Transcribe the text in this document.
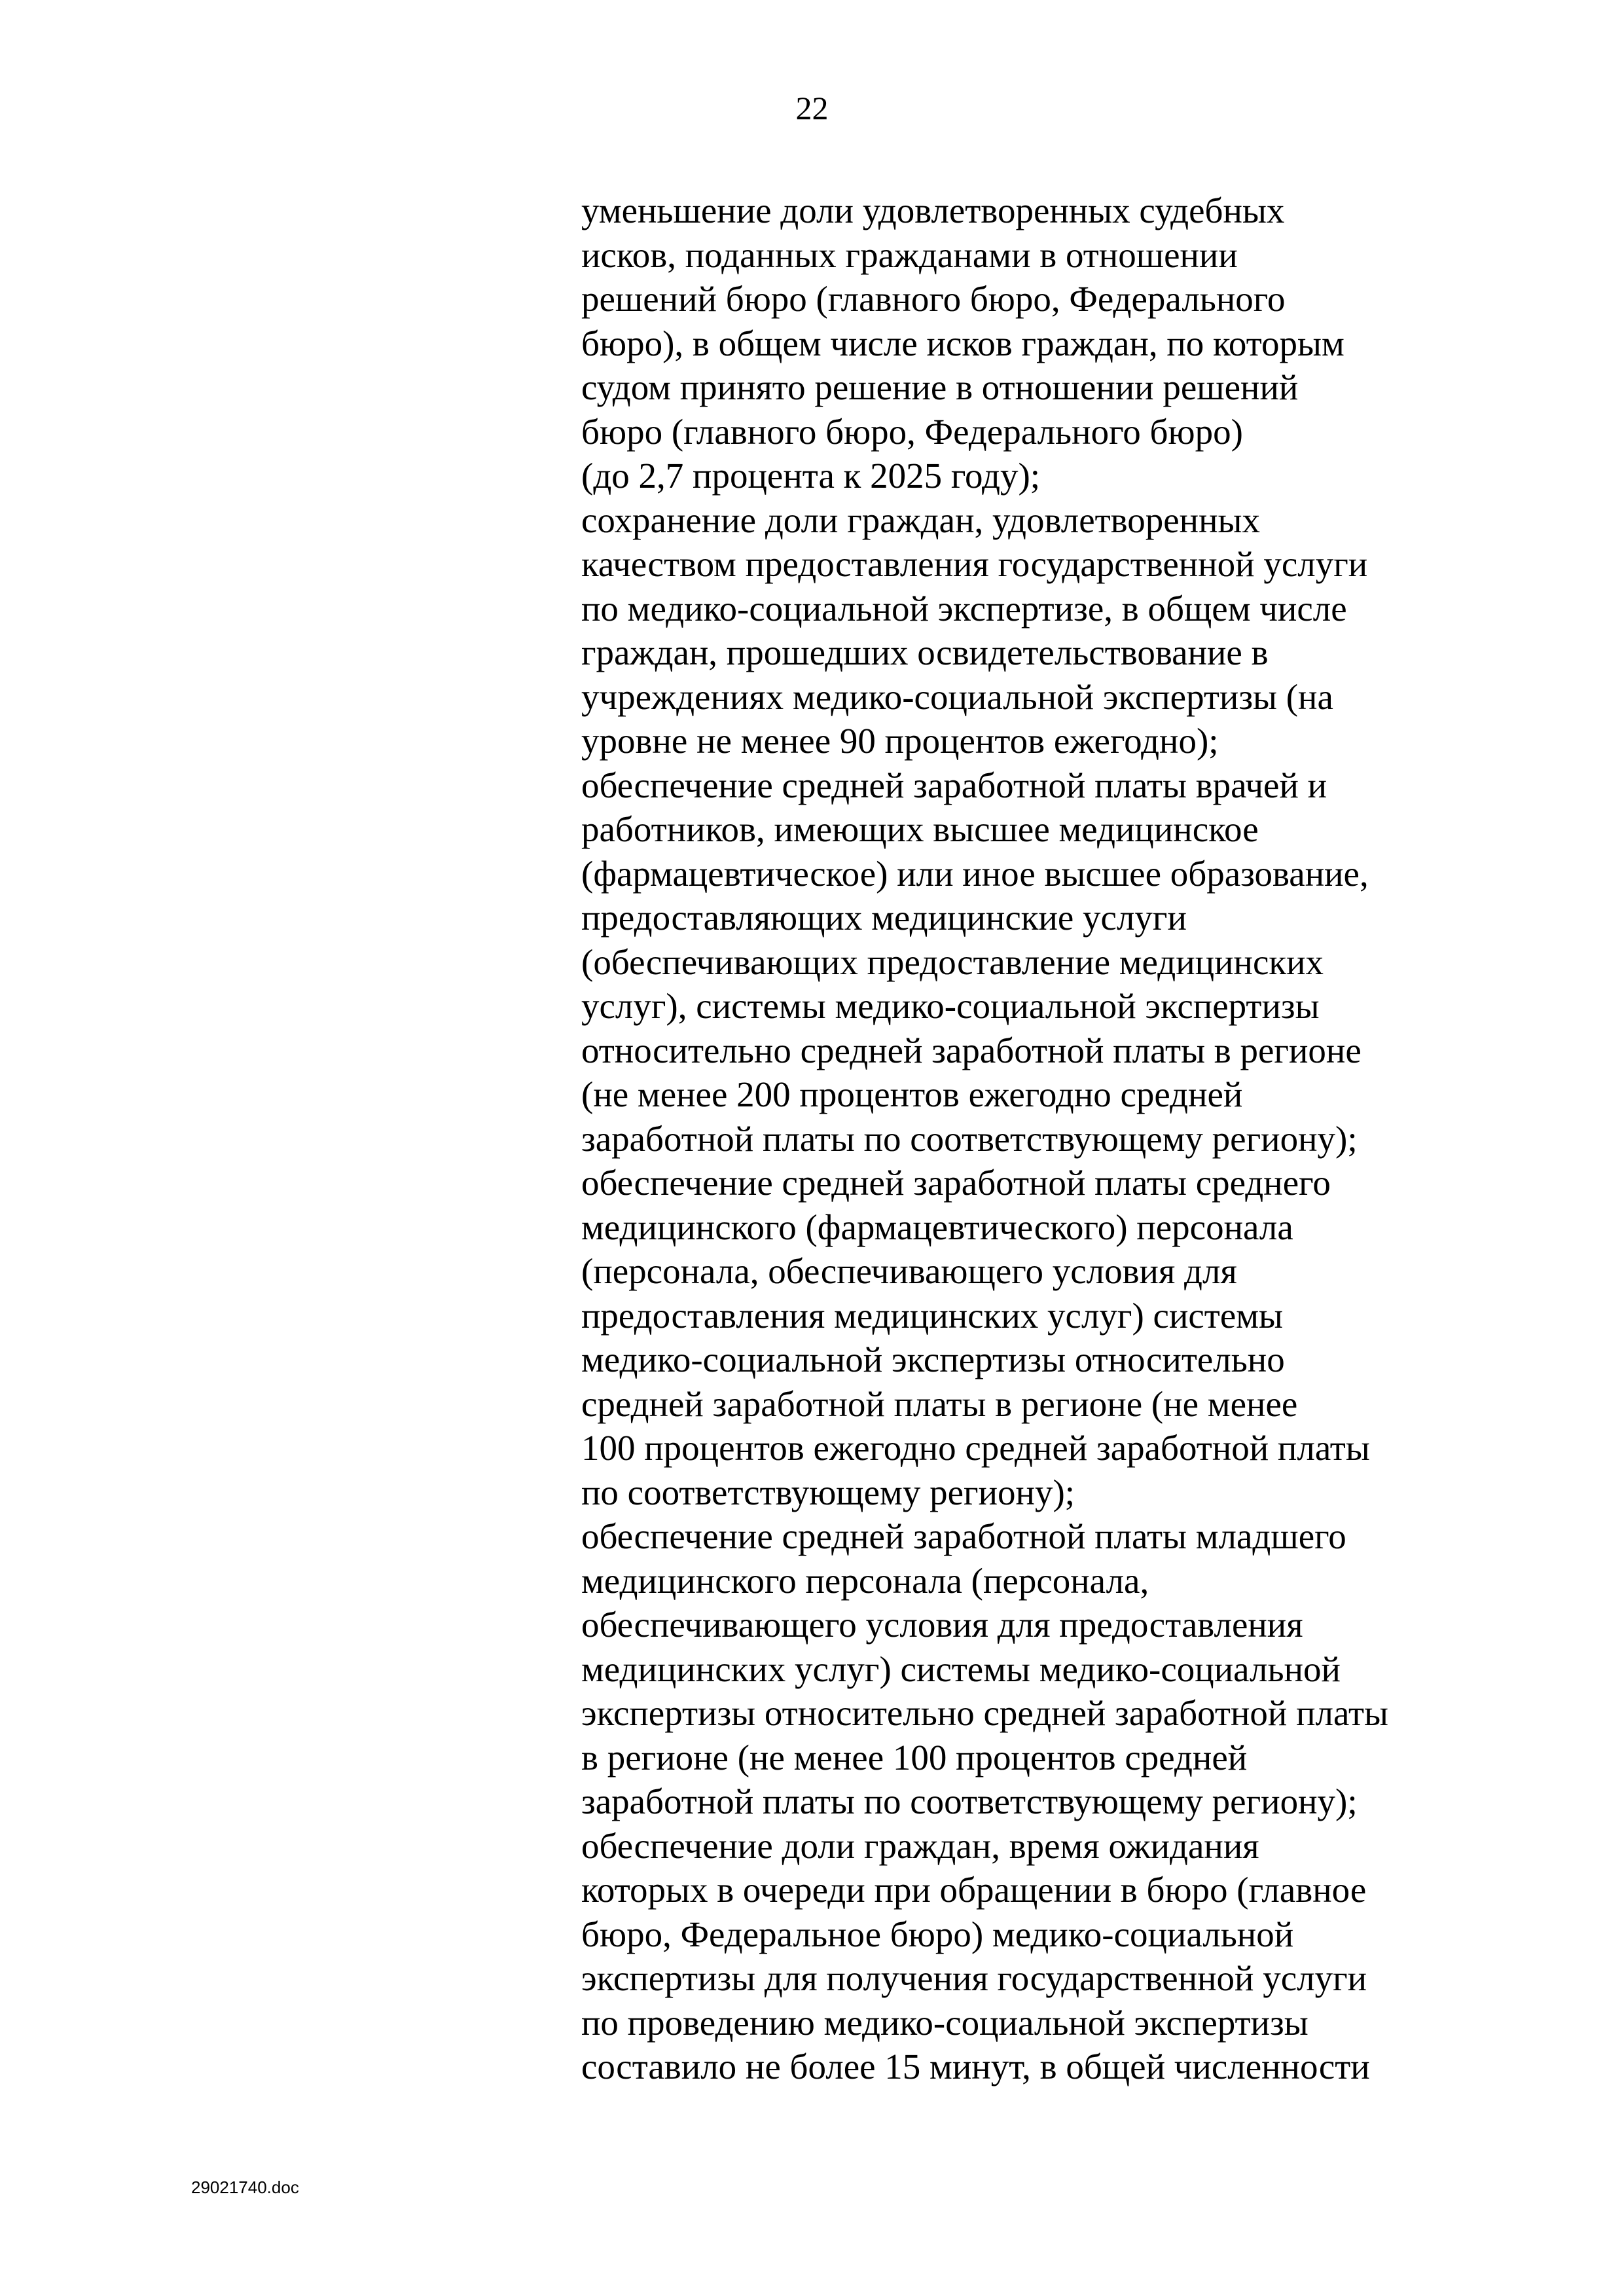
22
уменьшение доли удовлетворенных судебных
исков, поданных гражданами в отношении
решений бюро (главного бюро, Федерального
бюро), в общем числе исков граждан, по которым
судом принято решение в отношении решений
бюро (главного бюро, Федерального бюро)
(до 2,7 процента к 2025 году);
сохранение доли граждан, удовлетворенных
качеством предоставления государственной услуги
по медико-социальной экспертизе, в общем числе
граждан, прошедших освидетельствование в
учреждениях медико-социальной экспертизы (на
уровне не менее 90 процентов ежегодно);
обеспечение средней заработной платы врачей и
работников, имеющих высшее медицинское
(фармацевтическое) или иное высшее образование,
предоставляющих медицинские услуги
(обеспечивающих предоставление медицинских
услуг), системы медико-социальной экспертизы
относительно средней заработной платы в регионе
(не менее 200 процентов ежегодно средней
заработной платы по соответствующему региону);
обеспечение средней заработной платы среднего
медицинского (фармацевтического) персонала
(персонала, обеспечивающего условия для
предоставления медицинских услуг) системы
медико-социальной экспертизы относительно
средней заработной платы в регионе (не менее
100 процентов ежегодно средней заработной платы
по соответствующему региону);
обеспечение средней заработной платы младшего
медицинского персонала (персонала,
обеспечивающего условия для предоставления
медицинских услуг) системы медико-социальной
экспертизы относительно средней заработной платы
в регионе (не менее 100 процентов средней
заработной платы по соответствующему региону);
обеспечение доли граждан, время ожидания
которых в очереди при обращении в бюро (главное
бюро, Федеральное бюро) медико-социальной
экспертизы для получения государственной услуги
по проведению медико-социальной экспертизы
составило не более 15 минут, в общей численности
29021740.doc
